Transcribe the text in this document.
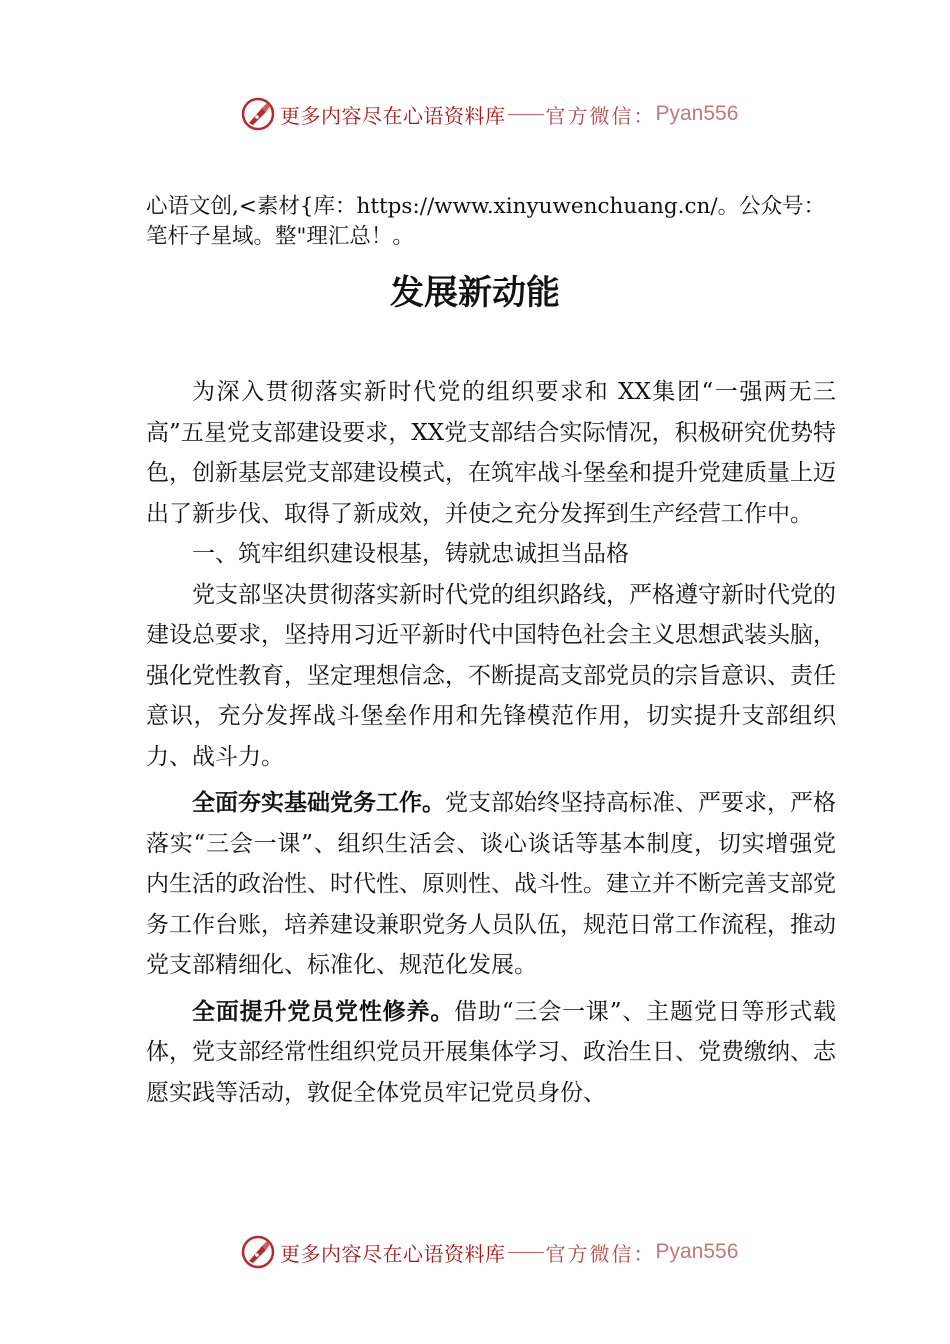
更多内容尽在心语资料库 官方微信： Pyan556
心语文创,<素材{库：https://www.xinyuwenchuang.cn/。公众号：笔杆子星域。整"理汇总！。
发展新动能

为深入贯彻落实新时代党的组织要求和 XX集团“一强两无三高”五星党支部建设要求，XX党支部结合实际情况，积极研究优势特色，创新基层党支部建设模式，在筑牢战斗堡垒和提升党建质量上迈出了新步伐、取得了新成效，并使之充分发挥到生产经营工作中。

一、筑牢组织建设根基，铸就忠诚担当品格

党支部坚决贯彻落实新时代党的组织路线，严格遵守新时代党的建设总要求，坚持用习近平新时代中国特色社会主义思想武装头脑，强化党性教育，坚定理想信念，不断提高支部党员的宗旨意识、责任意识，充分发挥战斗堡垒作用和先锋模范作用，切实提升支部组织力、战斗力。

全面夯实基础党务工作。党支部始终坚持高标准、严要求，严格落实“三会一课”、组织生活会、谈心谈话等基本制度，切实增强党内生活的政治性、时代性、原则性、战斗性。建立并不断完善支部党务工作台账，培养建设兼职党务人员队伍，规范日常工作流程，推动党支部精细化、标准化、规范化发展。

全面提升党员党性修养。借助“三会一课”、主题党日等形式载体，党支部经常性组织党员开展集体学习、政治生日、党费缴纳、志愿实践等活动，敦促全体党员牢记党员身份、

更多内容尽在心语资料库 官方微信： Pyan556
